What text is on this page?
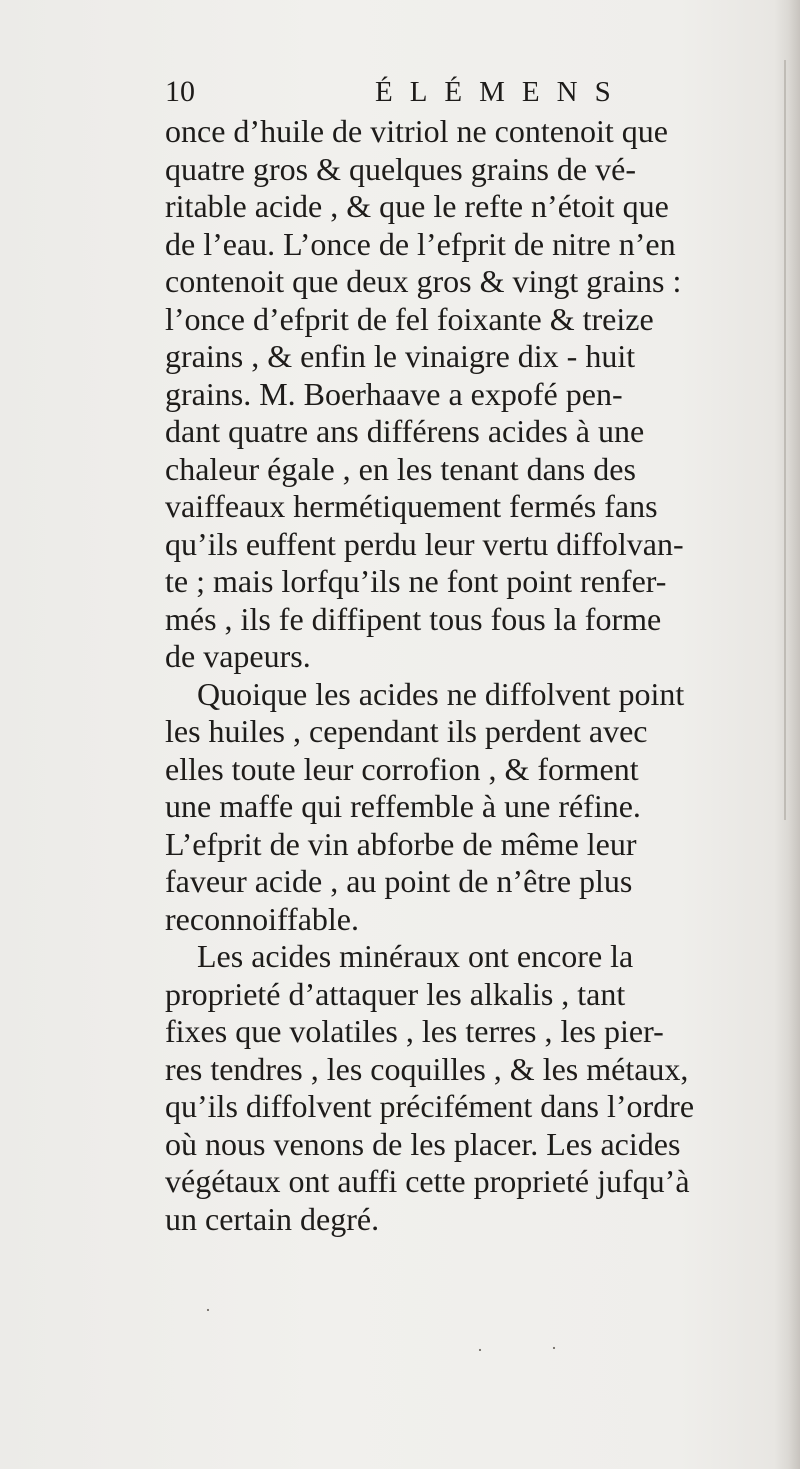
10	ÉLÉMENS
once d’huile de vitriol ne contenoit que
quatre gros & quelques grains de vé-
ritable acide , & que le refte n’étoit que
de l’eau. L’once de l’efprit de nitre n’en
contenoit que deux gros & vingt grains :
l’once d’efprit de fel foixante & treize
grains , & enfin le vinaigre dix - huit
grains. M. Boerhaave a expofé pen-
dant quatre ans différens acides à une
chaleur égale , en les tenant dans des
vaiffeaux hermétiquement fermés fans
qu’ils euffent perdu leur vertu diffolvan-
te ; mais lorfqu’ils ne font point renfer-
més , ils fe diffipent tous fous la forme
de vapeurs.
Quoique les acides ne diffolvent point
les huiles , cependant ils perdent avec
elles toute leur corrofion , & forment
une maffe qui reffemble à une réfine.
L’efprit de vin abforbe de même leur
faveur acide , au point de n’être plus
reconnoiffable.
Les acides minéraux ont encore la
proprieté d’attaquer les alkalis , tant
fixes que volatiles , les terres , les pier-
res tendres , les coquilles , & les métaux,
qu’ils diffolvent précifément dans l’ordre
où nous venons de les placer. Les acides
végétaux ont auffi cette proprieté jufqu’à
un certain degré.
·
·	·
